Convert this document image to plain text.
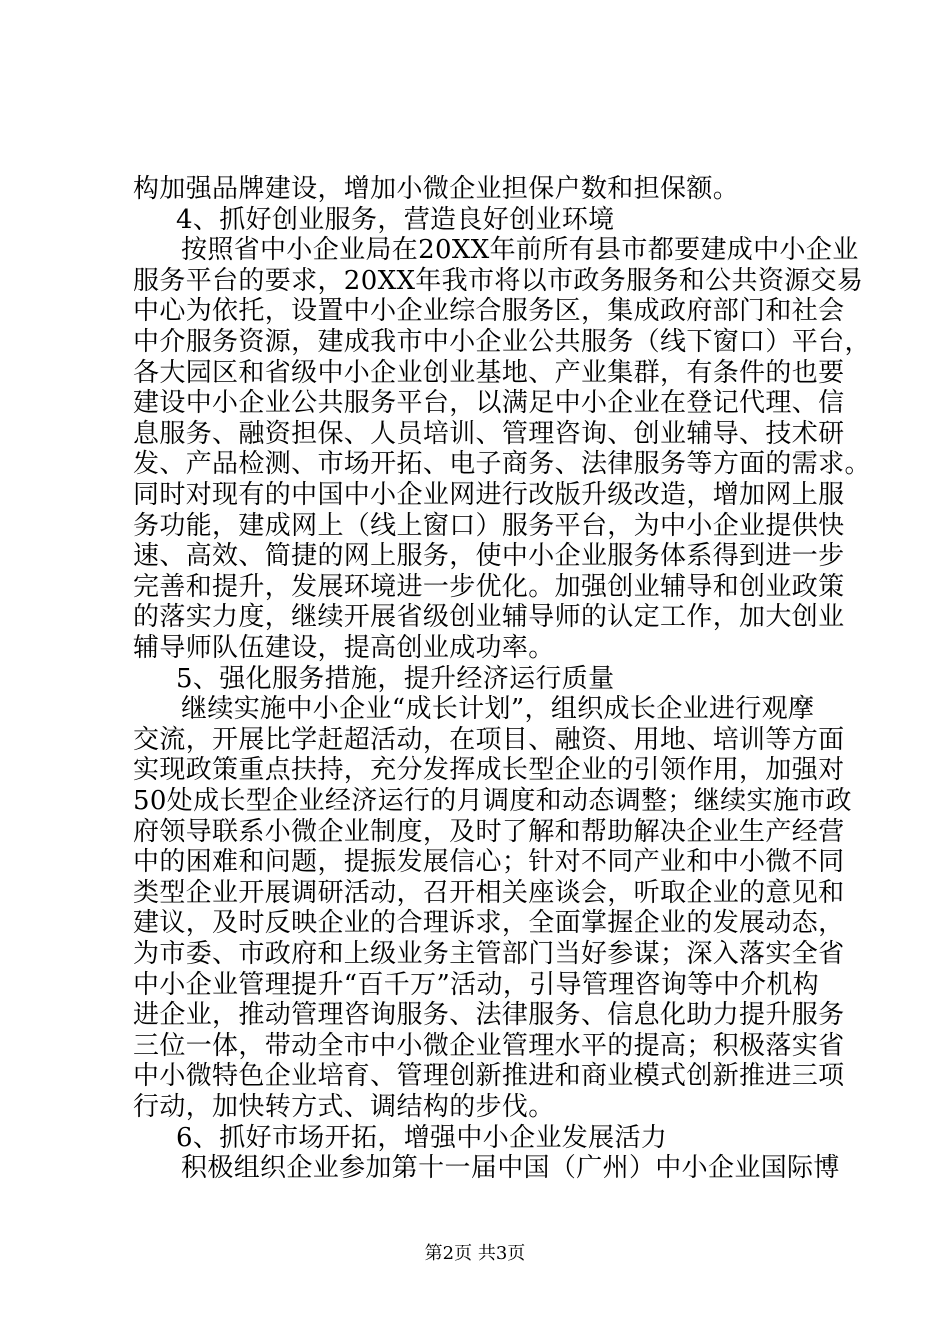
构加强品牌建设，增加小微企业担保户数和担保额。
4、抓好创业服务，营造良好创业环境
按照省中小企业局在20XX年前所有县市都要建成中小企业
服务平台的要求，20XX年我市将以市政务服务和公共资源交易
中心为依托，设置中小企业综合服务区，集成政府部门和社会
中介服务资源，建成我市中小企业公共服务（线下窗口）平台，
各大园区和省级中小企业创业基地、产业集群，有条件的也要
建设中小企业公共服务平台，以满足中小企业在登记代理、信
息服务、融资担保、人员培训、管理咨询、创业辅导、技术研
发、产品检测、市场开拓、电子商务、法律服务等方面的需求。
同时对现有的中国中小企业网进行改版升级改造，增加网上服
务功能，建成网上（线上窗口）服务平台，为中小企业提供快
速、高效、简捷的网上服务，使中小企业服务体系得到进一步
完善和提升，发展环境进一步优化。加强创业辅导和创业政策
的落实力度，继续开展省级创业辅导师的认定工作，加大创业
辅导师队伍建设，提高创业成功率。
5、强化服务措施，提升经济运行质量
继续实施中小企业“成长计划”，组织成长企业进行观摩
交流，开展比学赶超活动，在项目、融资、用地、培训等方面
实现政策重点扶持，充分发挥成长型企业的引领作用，加强对
50处成长型企业经济运行的月调度和动态调整；继续实施市政
府领导联系小微企业制度，及时了解和帮助解决企业生产经营
中的困难和问题，提振发展信心；针对不同产业和中小微不同
类型企业开展调研活动，召开相关座谈会，听取企业的意见和
建议，及时反映企业的合理诉求，全面掌握企业的发展动态，
为市委、市政府和上级业务主管部门当好参谋；深入落实全省
中小企业管理提升“百千万”活动，引导管理咨询等中介机构
进企业，推动管理咨询服务、法律服务、信息化助力提升服务
三位一体，带动全市中小微企业管理水平的提高；积极落实省
中小微特色企业培育、管理创新推进和商业模式创新推进三项
行动，加快转方式、调结构的步伐。
6、抓好市场开拓，增强中小企业发展活力
积极组织企业参加第十一届中国（广州）中小企业国际博
第2页 共3页
